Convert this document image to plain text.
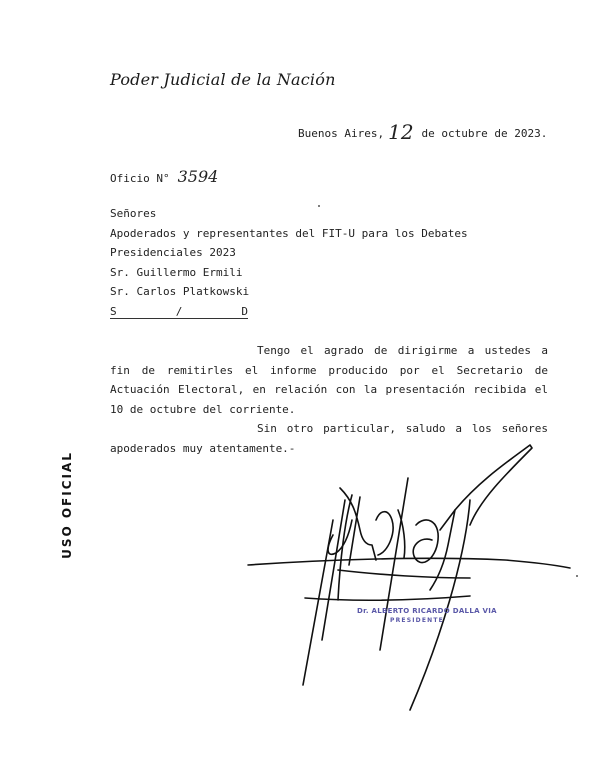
Poder Judicial de la Nación
Buenos Aires, 12 de octubre de 2023.
Oficio N° 3594
Señores
Apoderados y representantes del FIT-U para los Debates
Presidenciales 2023
Sr. Guillermo Ermili
Sr. Carlos Platkowski
S	/	D

Tengo el agrado de dirigirme a ustedes a fin de remitirles el informe producido por el Secretario de Actuación Electoral, en relación con la presentación recibida el 10 de octubre del corriente.

Sin otro particular, saludo a los señores apoderados muy atentamente.-

USO OFICIAL
Dr. ALBERTO RICARDO DALLA VIA
PRESIDENTE
